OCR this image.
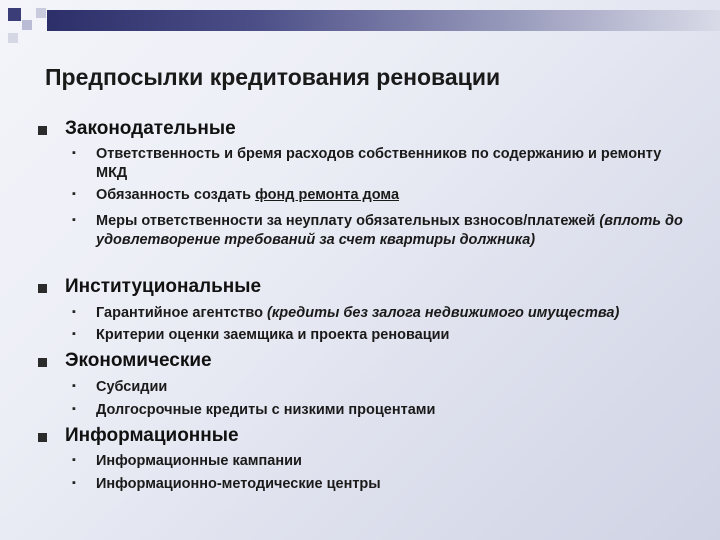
Предпосылки кредитования реновации
Законодательные
▪ Ответственность и бремя расходов собственников по содержанию и ремонту МКД
▪ Обязанность создать фонд ремонта дома
▪ Меры ответственности за неуплату обязательных взносов/платежей (вплоть до удовлетворение требований за счет квартиры должника)
Институциональные
▪ Гарантийное агентство (кредиты без залога недвижимого имущества)
▪ Критерии оценки заемщика и проекта реновации
Экономические
▪ Субсидии
▪ Долгосрочные кредиты с низкими процентами
Информационные
▪ Информационные кампании
▪ Информационно-методические центры
